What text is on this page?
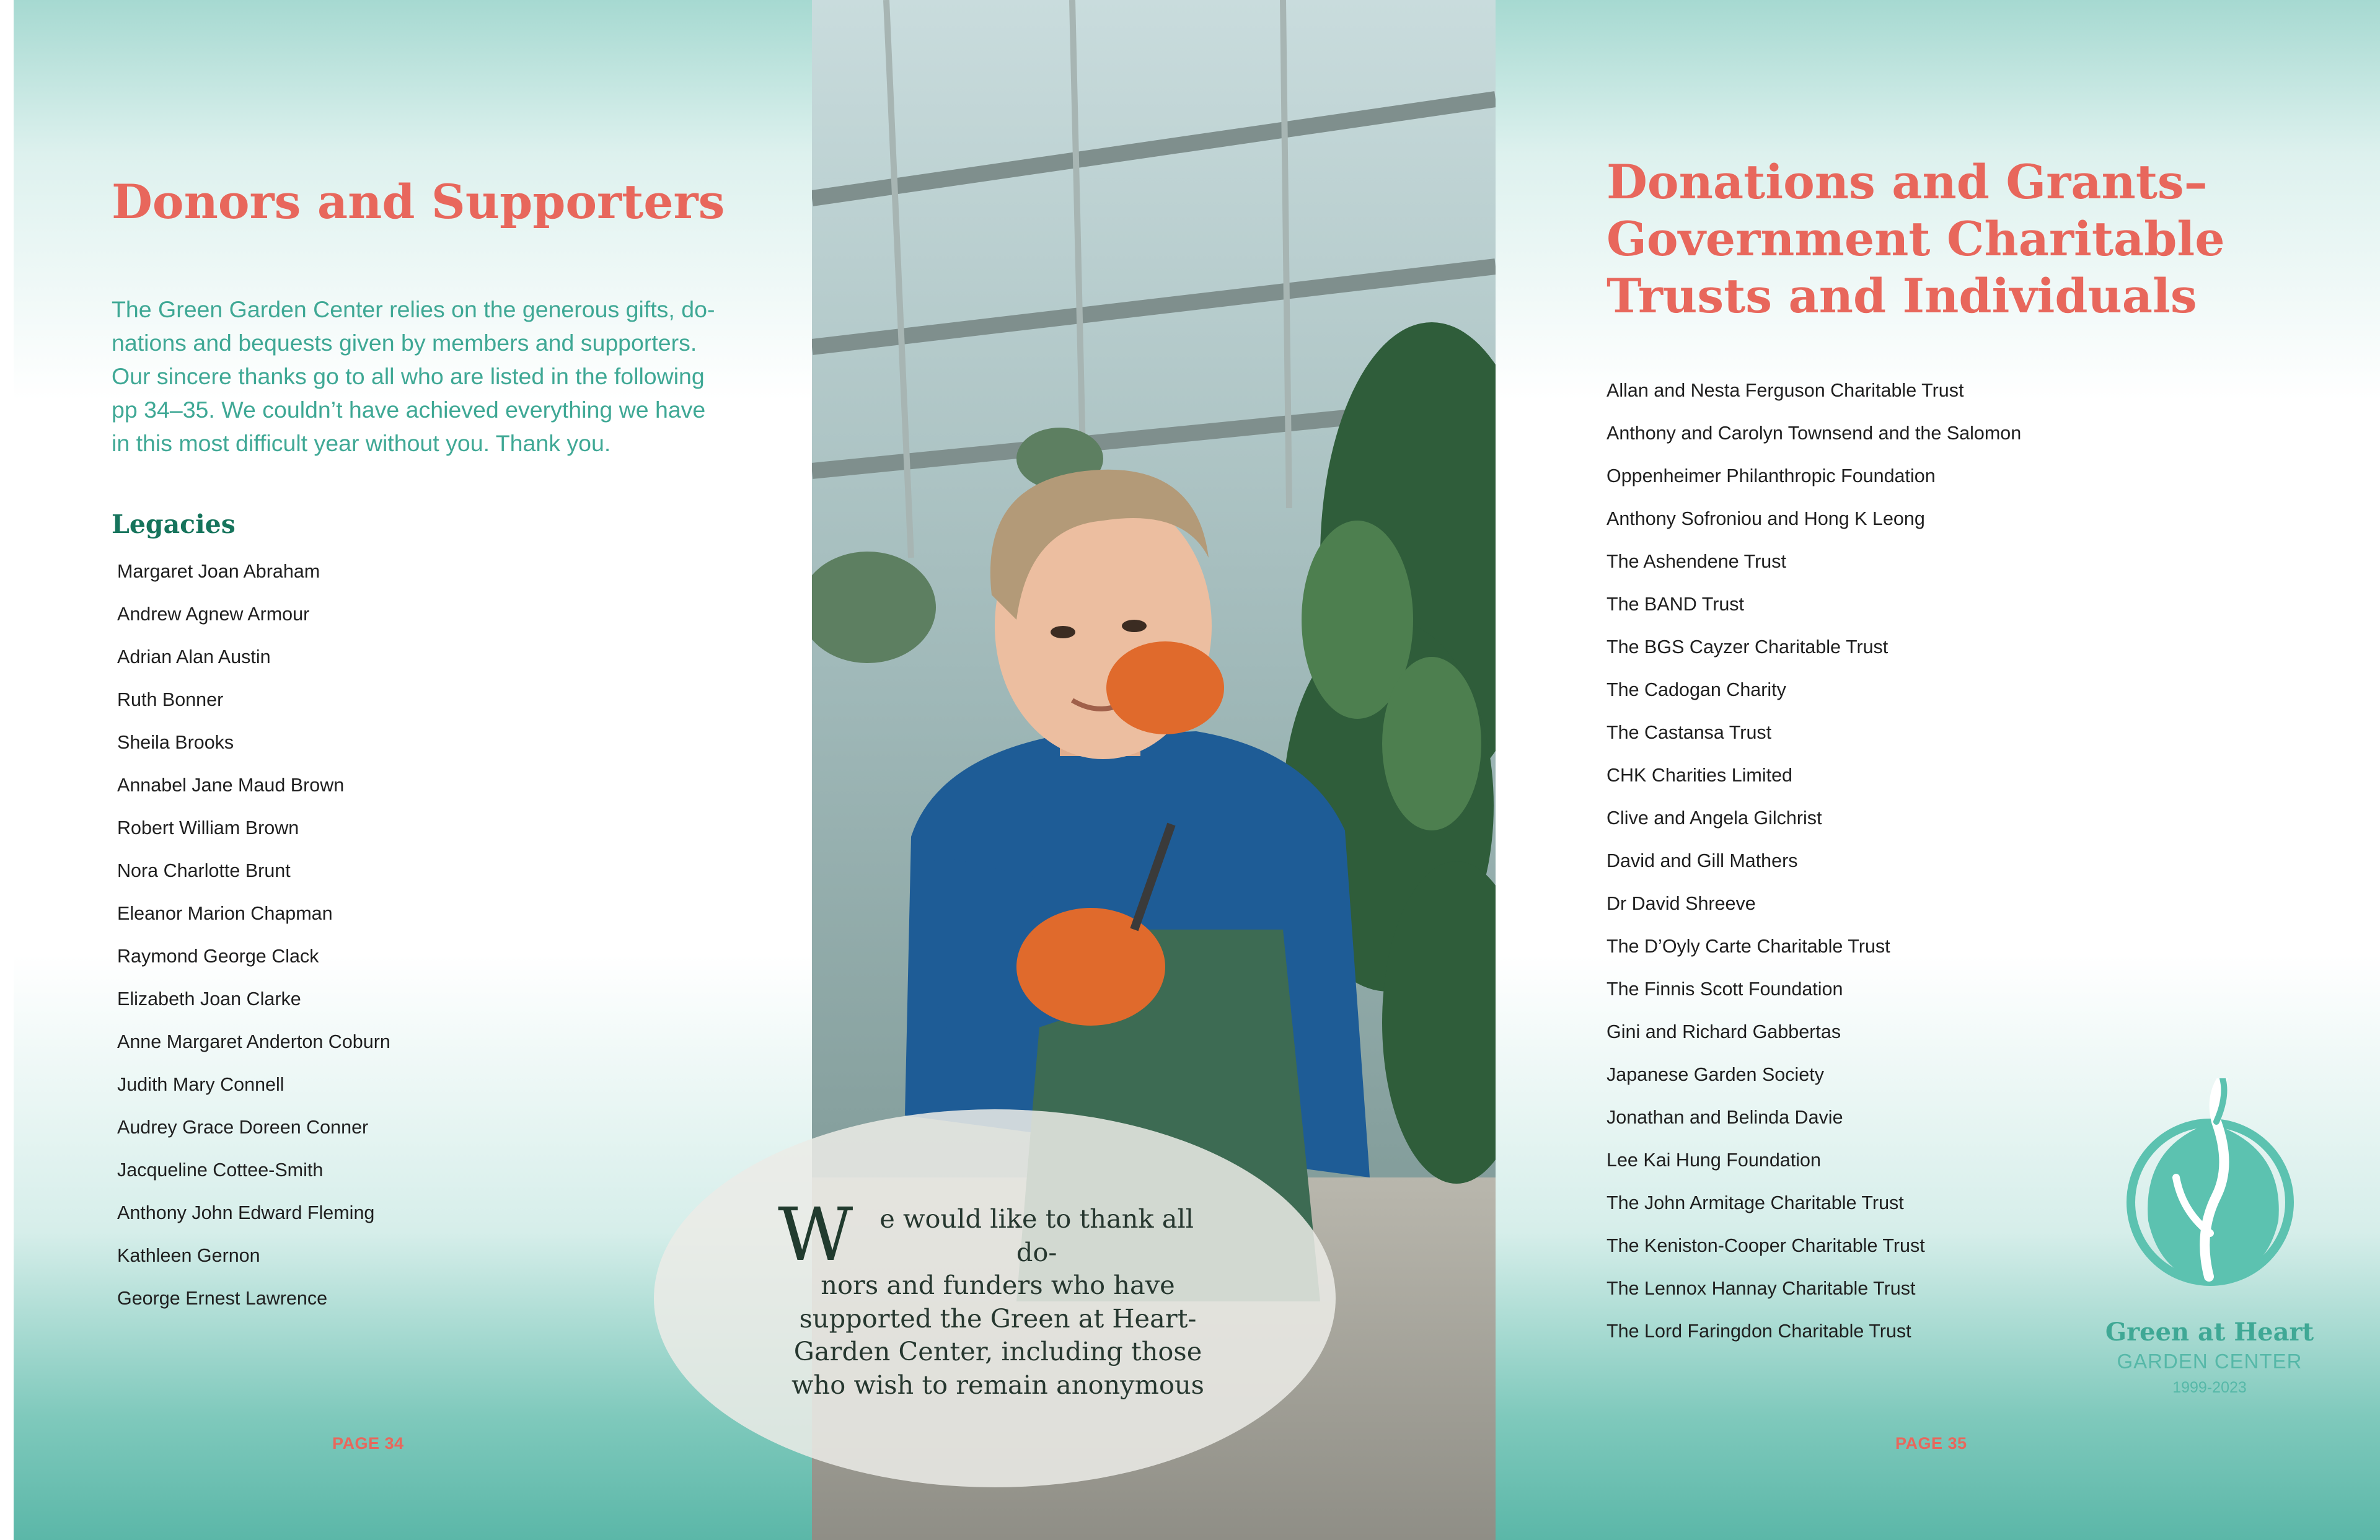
Donors and Supporters

The Green Garden Center relies on the generous gifts, do-
nations and bequests given by members and supporters.
Our sincere thanks go to all who are listed in the following
pp 34–35. We couldn’t have achieved everything we have
in this most difficult year without you. Thank you.

Legacies
Margaret Joan Abraham
Andrew Agnew Armour
Adrian Alan Austin
Ruth Bonner
Sheila Brooks
Annabel Jane Maud Brown
Robert William Brown
Nora Charlotte Brunt
Eleanor Marion Chapman
Raymond George Clack
Elizabeth Joan Clarke
Anne Margaret Anderton Coburn
Judith Mary Connell
Audrey Grace Doreen Conner
Jacqueline Cottee-Smith
Anthony John Edward Fleming
Kathleen Gernon
George Ernest Lawrence
PAGE 34
Donations and Grants–
Government Charitable
Trusts and Individuals
Allan and Nesta Ferguson Charitable Trust
Anthony and Carolyn Townsend and the Salomon
Oppenheimer Philanthropic Foundation
Anthony Sofroniou and Hong K Leong
The Ashendene Trust
The BAND Trust
The BGS Cayzer Charitable Trust
The Cadogan Charity
The Castansa Trust
CHK Charities Limited
Clive and Angela Gilchrist
David and Gill Mathers
Dr David Shreeve
The D’Oyly Carte Charitable Trust
The Finnis Scott Foundation
Gini and Richard Gabbertas
Japanese Garden Society
Jonathan and Belinda Davie
Lee Kai Hung Foundation
The John Armitage Charitable Trust
The Keniston-Cooper Charitable Trust
The Lennox Hannay Charitable Trust
The Lord Faringdon Charitable Trust	Green at Heart
GARDEN CENTER
1999-2023
PAGE 35

W e would like to thank all do-
nors and funders who have
supported the Green at Heart-
Garden Center, including those
who wish to remain anonymous
